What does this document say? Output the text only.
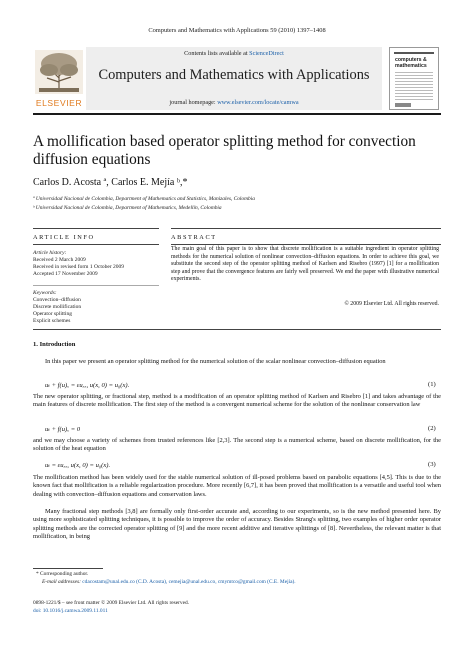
Computers and Mathematics with Applications 59 (2010) 1397–1408
ELSEVIER
Contents lists available at ScienceDirect
Computers and Mathematics with Applications
journal homepage: www.elsevier.com/locate/camwa
computers &
mathematics
A mollification based operator splitting method for convection diffusion equations
Carlos D. Acosta ª, Carlos E. Mejía ᵇ,*
ª Universidad Nacional de Colombia, Department of Mathematics and Statistics, Manizales, Colombia
ᵇ Universidad Nacional de Colombia, Department of Mathematics, Medellín, Colombia
ARTICLE INFO
Article history:
Received 2 March 2009
Received in revised form 1 October 2009
Accepted 17 November 2009
Keywords:
Convection–diffusion
Discrete mollification
Operator splitting
Explicit schemes
ABSTRACT
The main goal of this paper is to show that discrete mollification is a suitable ingredient in operator splitting methods for the numerical solution of nonlinear convection–diffusion equations. In order to achieve this goal, we substitute the second step of the operator splitting method of Karlsen and Risebro (1997) [1] for a mollification step and prove that the convergence features are fairly well preserved. We end the paper with illustrative numerical experiments.
© 2009 Elsevier Ltd. All rights reserved.
1. Introduction
In this paper we present an operator splitting method for the numerical solution of the scalar nonlinear convection–diffusion equation
uₜ + f(u)ₓ = εuₓₓ, u(x, 0) = u₀(x).	(1)
The new operator splitting, or fractional step, method is a modification of an operator splitting method of Karlsen and Risebro [1] and takes advantage of the main features of discrete mollification. The first step of the method is a convergent numerical scheme for the solution of the nonlinear conservation law
uₜ + f(u)ₓ = 0	(2)
and we may choose a variety of schemes from trusted references like [2,3]. The second step is a numerical scheme, based on discrete mollification, for the solution of the heat equation
uₜ = εuₓₓ, u(x, 0) = u₀(x).	(3)
The mollification method has been widely used for the stable numerical solution of ill-posed problems based on parabolic equations [4,5]. This is due to the known fact that mollification is a reliable regularization procedure. More recently [6,7], it has been proved that mollification is a versatile and useful tool when dealing with convection–diffusion equations and conservation laws.
Many fractional step methods [3,8] are formally only first-order accurate and, according to our experiments, so is the new method presented here. By using more sophisticated splitting techniques, it is possible to improve the order of accuracy. Besides Strang's splitting, two examples of higher order operator splitting methods are the corrected operator splitting of [9] and the more recent additive and iterative splittings of [8]. Nevertheless, the relevant matter is that mollification, in being
* Corresponding author.
E-mail addresses: cdacostam@unal.edu.co (C.D. Acosta), cemejia@unal.edu.co, cmymtco@gmail.com (C.E. Mejía).
0898-1221/$ – see front matter © 2009 Elsevier Ltd. All rights reserved.
doi: 10.1016/j.camwa.2009.11.011
